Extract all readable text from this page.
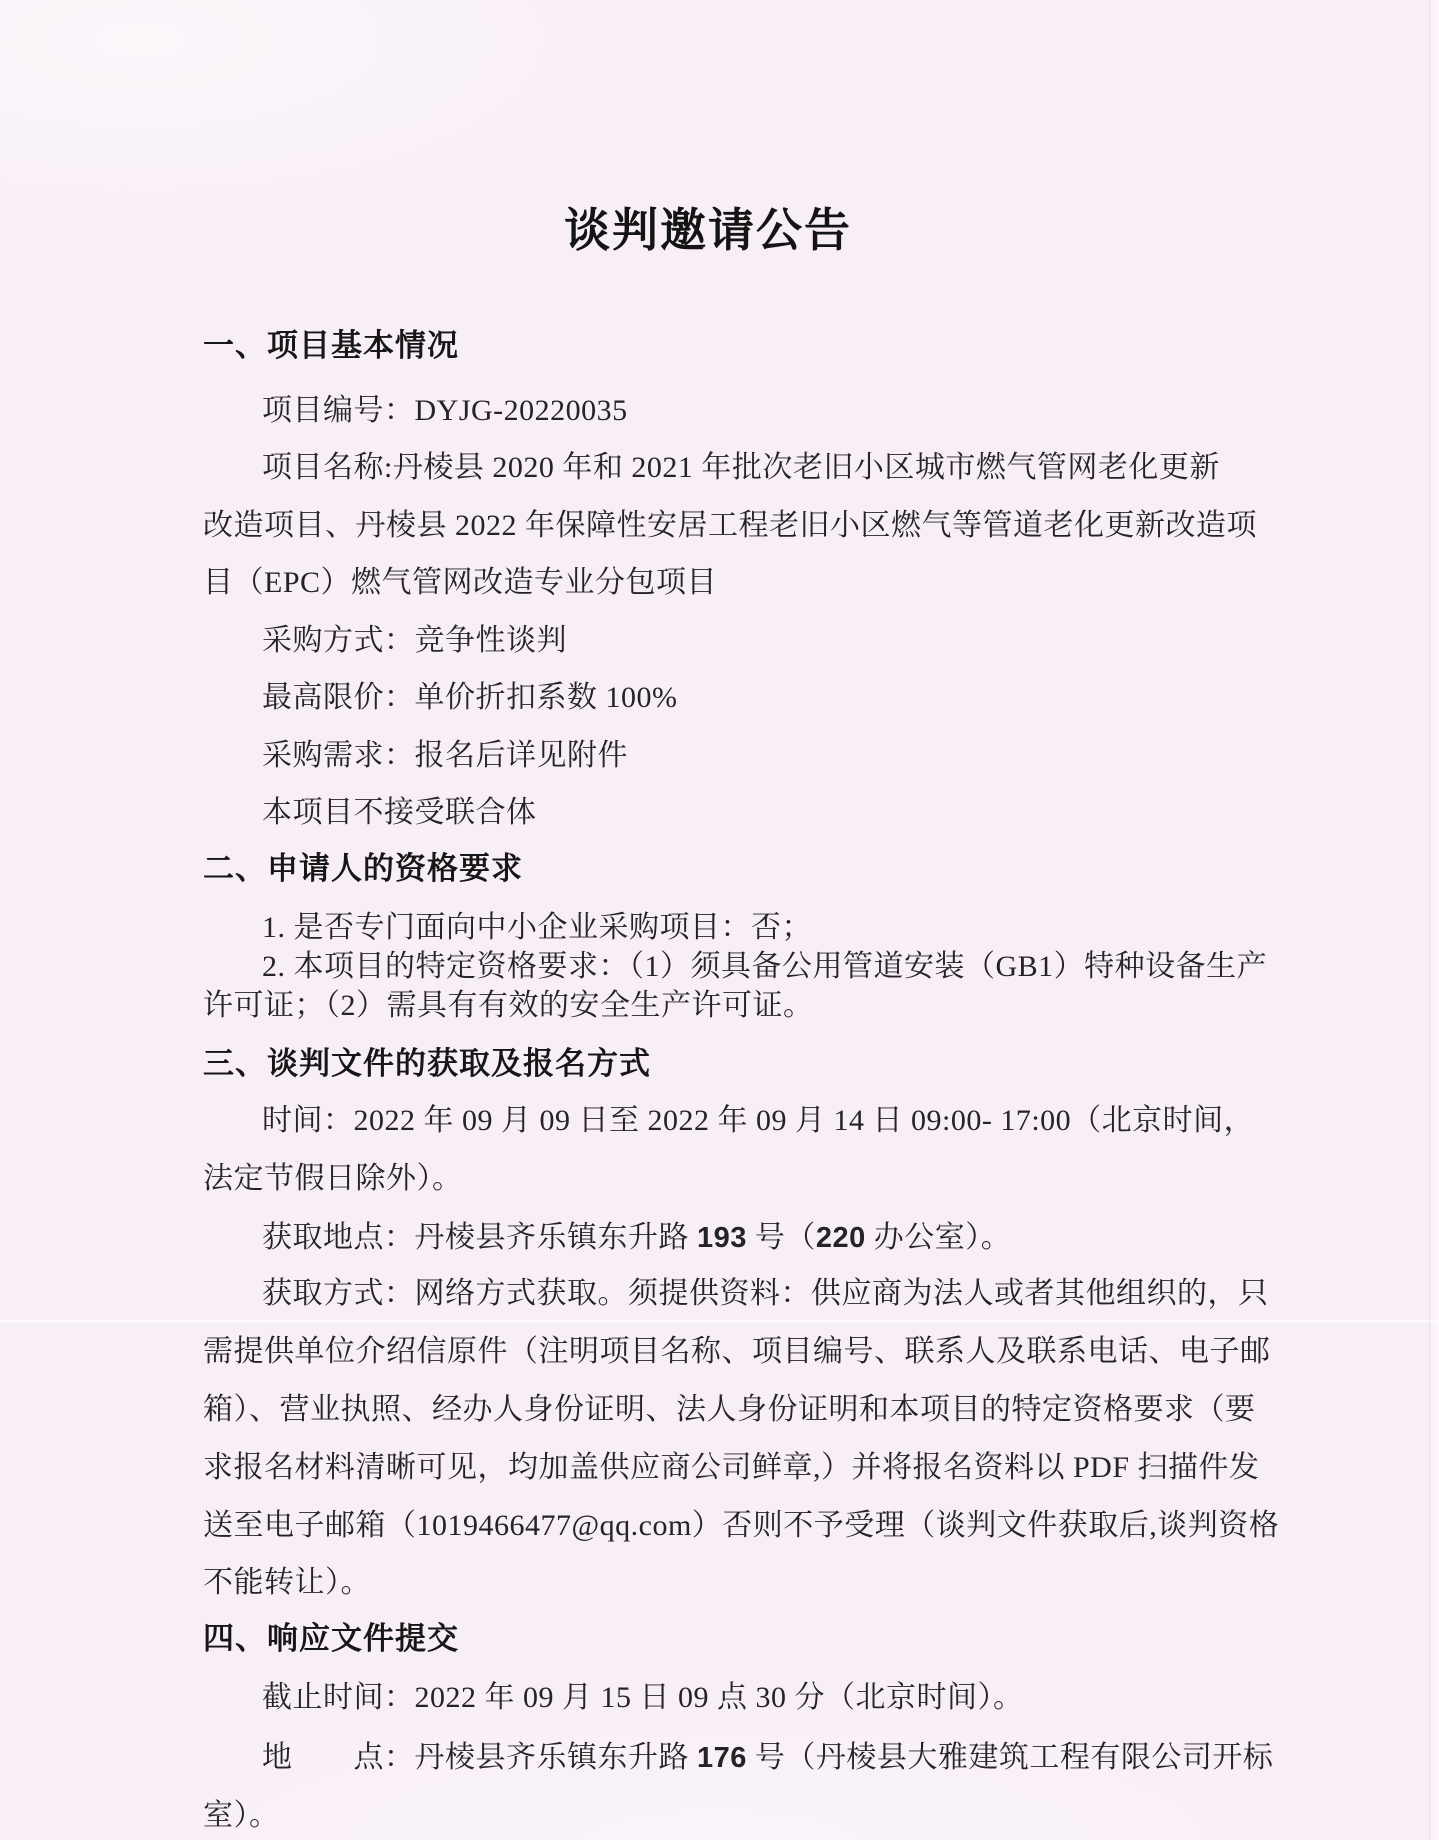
谈判邀请公告
一、项目基本情况
项目编号：DYJG-20220035
项目名称:丹棱县 2020 年和 2021 年批次老旧小区城市燃气管网老化更新
改造项目、丹棱县 2022 年保障性安居工程老旧小区燃气等管道老化更新改造项
目（EPC）燃气管网改造专业分包项目
采购方式：竞争性谈判
最高限价：单价折扣系数 100%
采购需求：报名后详见附件
本项目不接受联合体
二、申请人的资格要求
1. 是否专门面向中小企业采购项目：否；
2. 本项目的特定资格要求：（1）须具备公用管道安装（GB1）特种设备生产
许可证；（2）需具有有效的安全生产许可证。
三、谈判文件的获取及报名方式
时间：2022 年 09 月 09 日至 2022 年 09 月 14 日 09:00- 17:00（北京时间，
法定节假日除外）。
获取地点：丹棱县齐乐镇东升路 193 号（220 办公室）。
获取方式：网络方式获取。须提供资料：供应商为法人或者其他组织的，只
需提供单位介绍信原件（注明项目名称、项目编号、联系人及联系电话、电子邮
箱）、营业执照、经办人身份证明、法人身份证明和本项目的特定资格要求（要
求报名材料清晰可见，均加盖供应商公司鲜章,）并将报名资料以 PDF 扫描件发
送至电子邮箱（1019466477@qq.com）否则不予受理（谈判文件获取后,谈判资格
不能转让）。
四、响应文件提交
截止时间：2022 年 09 月 15 日 09 点 30 分（北京时间）。
地　　点：丹棱县齐乐镇东升路 176 号（丹棱县大雅建筑工程有限公司开标
室）。
